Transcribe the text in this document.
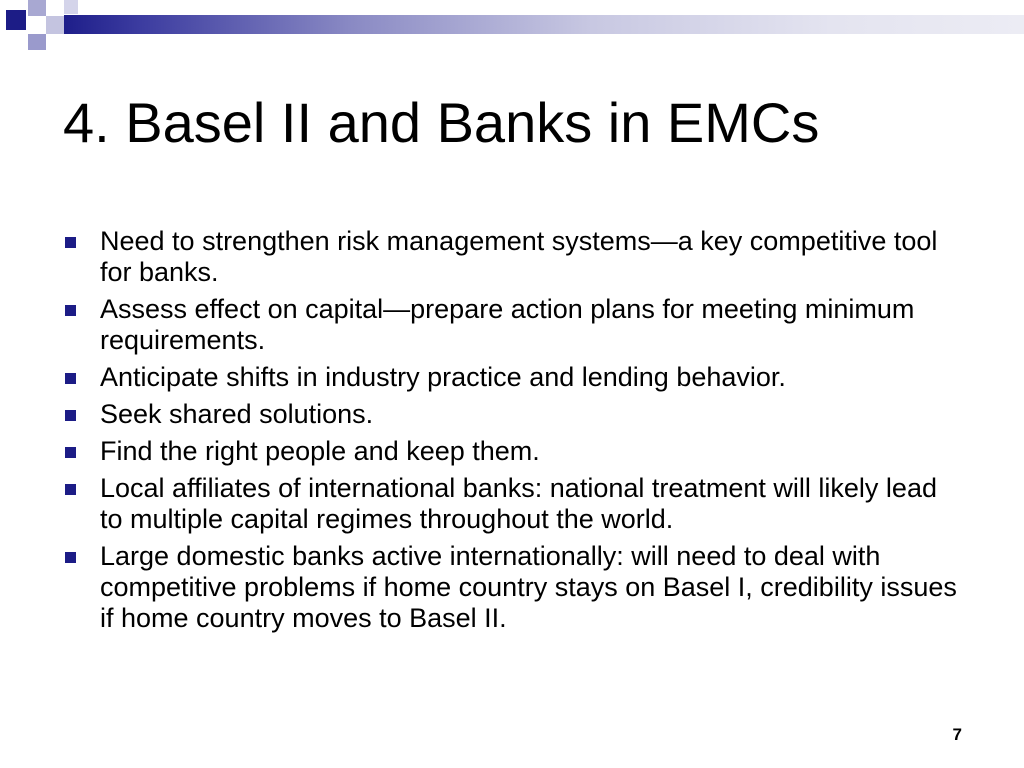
4. Basel II and Banks in EMCs
Need to strengthen risk management systems—a key competitive tool for banks.
Assess effect on capital—prepare action plans for meeting minimum requirements.
Anticipate shifts in industry practice and lending behavior.
Seek shared solutions.
Find the right people and keep them.
Local affiliates of international banks: national treatment will likely lead to multiple capital regimes throughout the world.
Large domestic banks active internationally: will need to deal with competitive problems if home country stays on Basel I, credibility issues if home country moves to Basel II.
7
